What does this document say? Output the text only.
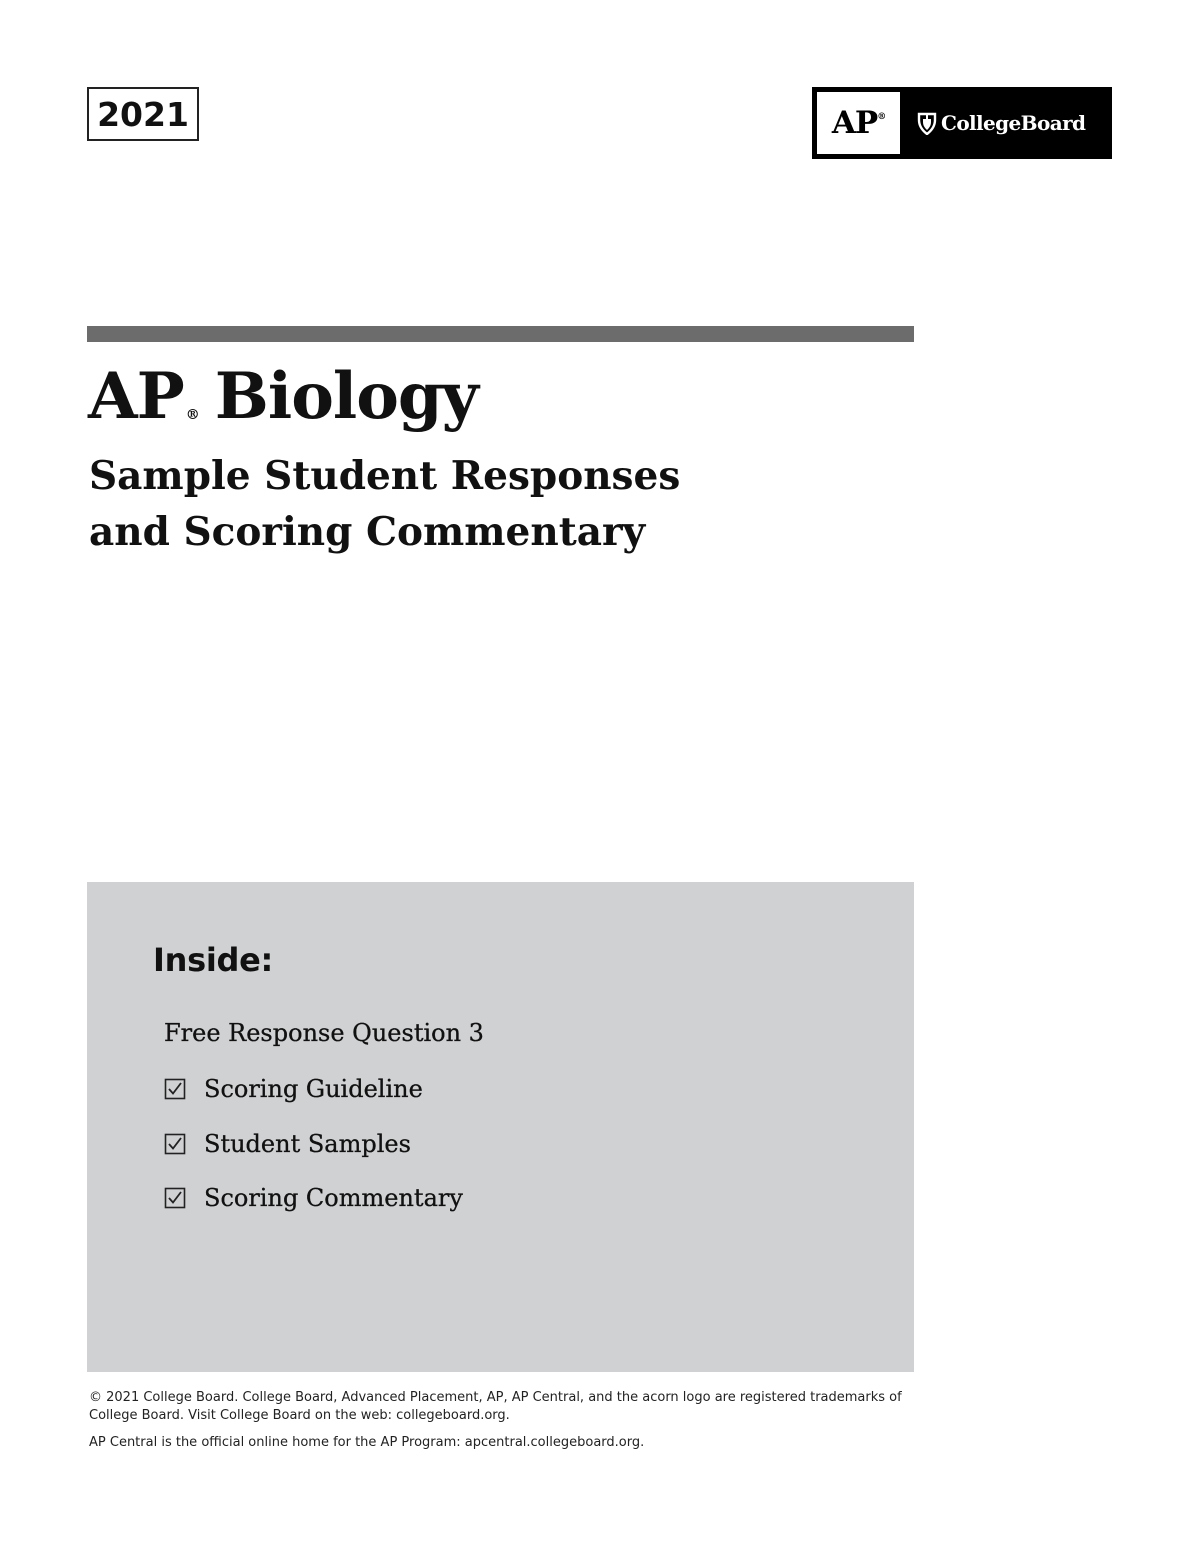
2021	AP®	CollegeBoard
AP ® Biology
Sample Student Responses
and Scoring Commentary
Inside:
Free Response Question 3
Scoring Guideline
Student Samples
Scoring Commentary

© 2021 College Board. College Board, Advanced Placement, AP, AP Central, and the acorn logo are registered trademarks of College Board. Visit College Board on the web: collegeboard.org.

AP Central is the official online home for the AP Program: apcentral.collegeboard.org.
